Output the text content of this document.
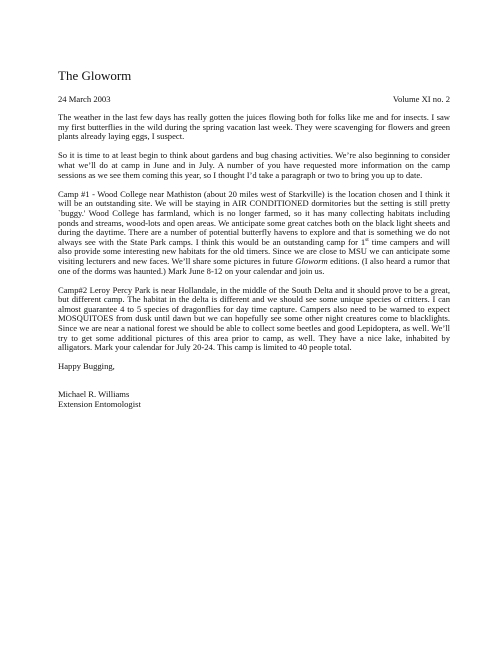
The Gloworm
24 March 2003	Volume XI no. 2

The weather in the last few days has really gotten the juices flowing both for folks like me and for insects. I saw my first butterflies in the wild during the spring vacation last week. They were scavenging for flowers and green plants already laying eggs, I suspect.

So it is time to at least begin to think about gardens and bug chasing activities. We’re also beginning to consider what we’ll do at camp in June and in July. A number of you have requested more information on the camp sessions as we see them coming this year, so I thought I’d take a paragraph or two to bring you up to date.

Camp #1 - Wood College near Mathiston (about 20 miles west of Starkville) is the location chosen and I think it will be an outstanding site. We will be staying in AIR CONDITIONED dormitories but the setting is still pretty `buggy.' Wood College has farmland, which is no longer farmed, so it has many collecting habitats including ponds and streams, wood-lots and open areas. We anticipate some great catches both on the black light sheets and during the daytime. There are a number of potential butterfly havens to explore and that is something we do not always see with the State Park camps. I think this would be an outstanding camp for 1st time campers and will also provide some interesting new habitats for the old timers. Since we are close to MSU we can anticipate some visiting lecturers and new faces. We’ll share some pictures in future Gloworm editions. (I also heard a rumor that one of the dorms was haunted.) Mark June 8-12 on your calendar and join us.

Camp#2 Leroy Percy Park is near Hollandale, in the middle of the South Delta and it should prove to be a great, but different camp. The habitat in the delta is different and we should see some unique species of critters. I can almost guarantee 4 to 5 species of dragonflies for day time capture. Campers also need to be warned to expect MOSQUITOES from dusk until dawn but we can hopefully see some other night creatures come to blacklights. Since we are near a national forest we should be able to collect some beetles and good Lepidoptera, as well. We’ll try to get some additional pictures of this area prior to camp, as well. They have a nice lake, inhabited by alligators. Mark your calendar for July 20-24. This camp is limited to 40 people total.

Happy Bugging,

Michael R. Williams
Extension Entomologist
